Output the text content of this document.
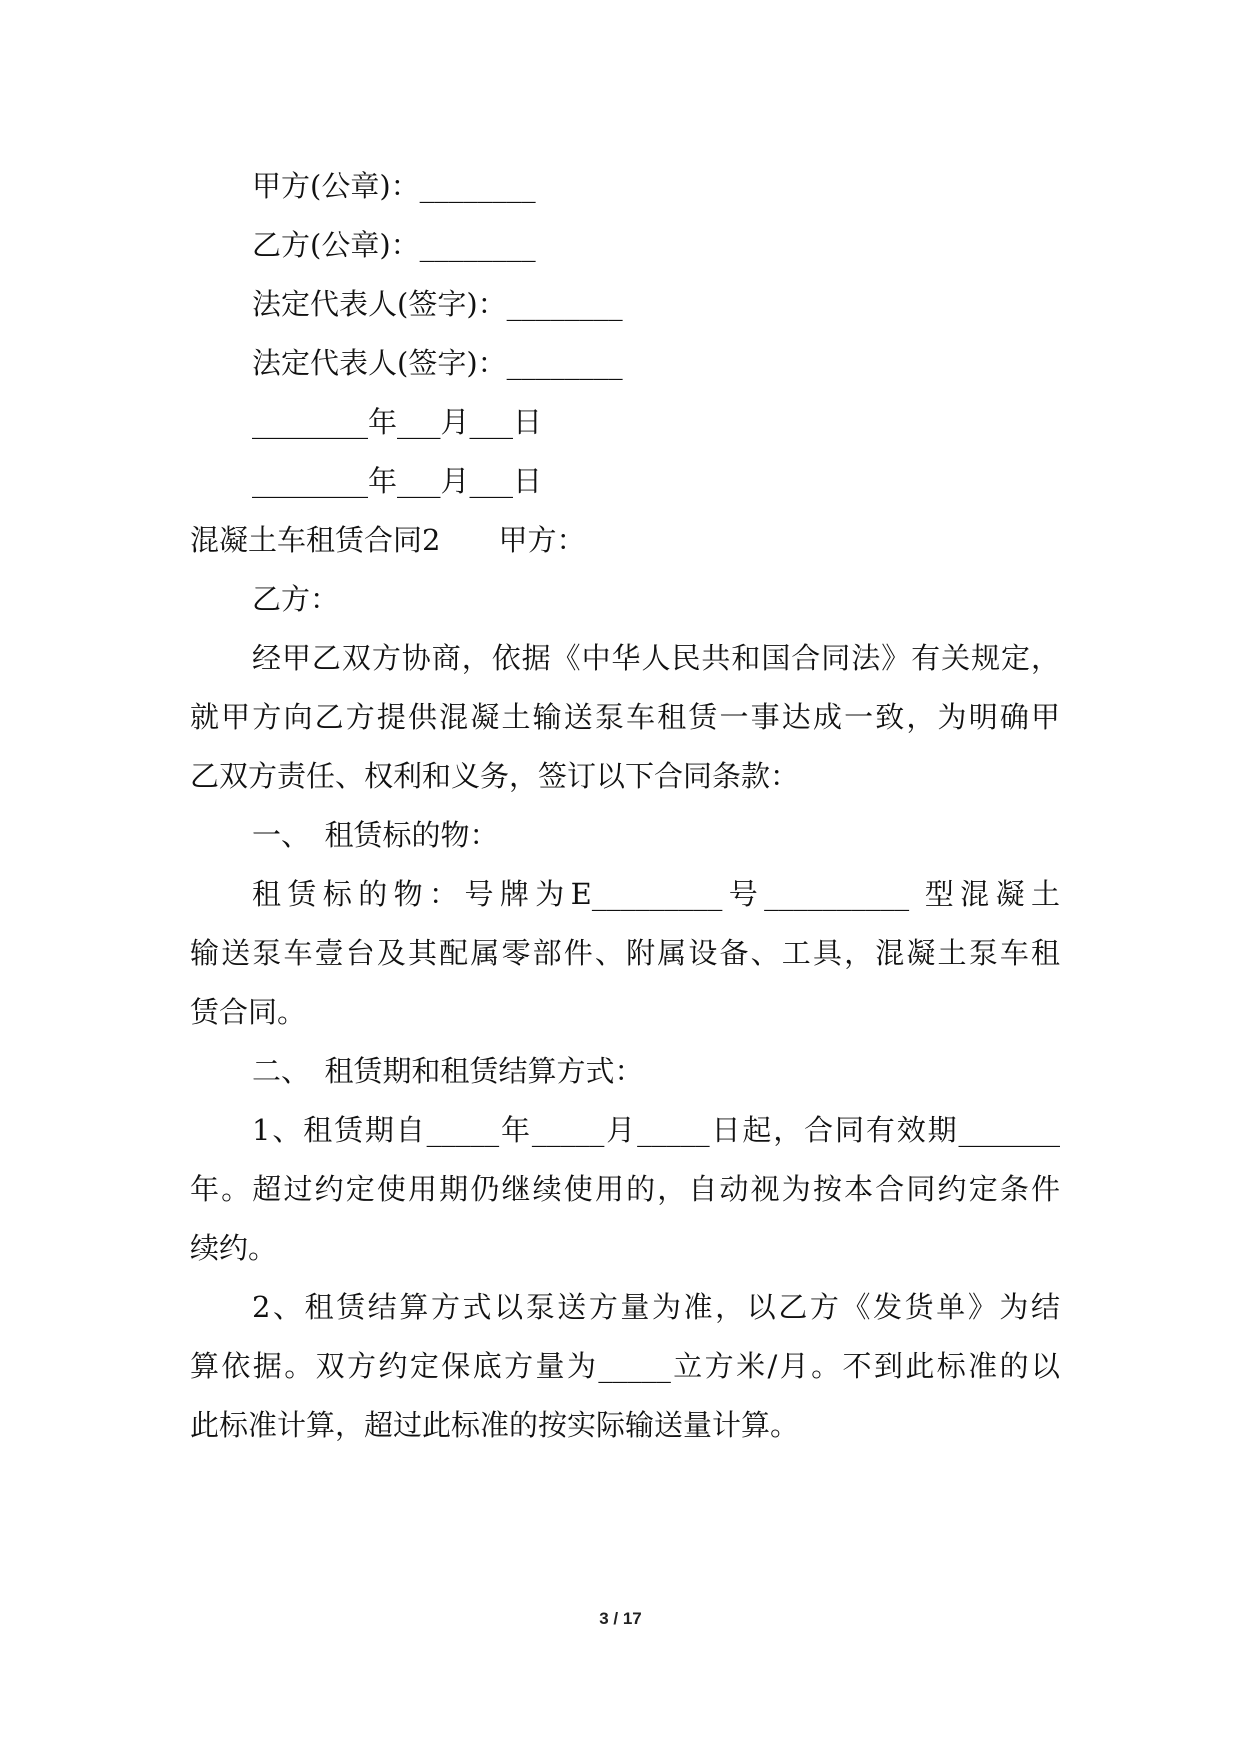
甲方(公章)：________
乙方(公章)：________
法定代表人(签字)：________
法定代表人(签字)：________
________年___月___日
________年___月___日
混凝土车租赁合同2　　甲方：
乙方：
经甲乙双方协商，依据《中华人民共和国合同法》有关规定，
就甲方向乙方提供混凝土输送泵车租赁一事达成一致，为明确甲
乙双方责任、权利和义务，签订以下合同条款：
一、　租赁标的物：
租赁标的物：号牌为E_________号__________ 型混凝土
输送泵车壹台及其配属零部件、附属设备、工具，混凝土泵车租
赁合同。
二、　租赁期和租赁结算方式：
1、租赁期自_____年_____月_____日起，合同有效期_______
年。超过约定使用期仍继续使用的，自动视为按本合同约定条件
续约。
2、租赁结算方式以泵送方量为准，以乙方《发货单》为结
算依据。双方约定保底方量为_____立方米/月。不到此标准的以
此标准计算，超过此标准的按实际输送量计算。
3 / 17
